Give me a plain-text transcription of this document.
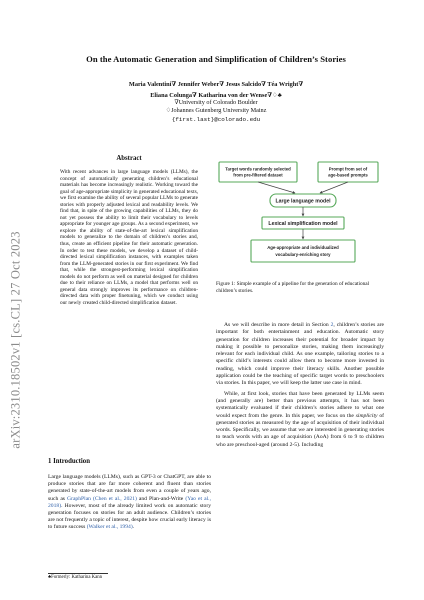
arXiv:2310.18502v1 [cs.CL] 27 Oct 2023
On the Automatic Generation and Simplification of Children’s Stories
Maria Valentini∇ Jennifer Weber∇ Jesus Salcido∇ Téa Wright∇
Eliana Colunga∇ Katharina von der Wense∇♢♣
∇University of Colorado Boulder
♢Johannes Gutenberg University Mainz
{first.last}@colorado.edu
Abstract
With recent advances in large language models (LLMs), the concept of automatically generating children’s educational materials has become increasingly realistic. Working toward the goal of age-appropriate simplicity in generated educational texts, we first examine the ability of several popular LLMs to generate stories with properly adjusted lexical and readability levels. We find that, in spite of the growing capabilities of LLMs, they do not yet possess the ability to limit their vocabulary to levels appropriate for younger age groups. As a second experiment, we explore the ability of state-of-the-art lexical simplification models to generalize to the domain of children’s stories and, thus, create an efficient pipeline for their automatic generation. In order to test these models, we develop a dataset of child-directed lexical simplification instances, with examples taken from the LLM-generated stories in our first experiment. We find that, while the strongest-performing lexical simplification models do not perform as well on material designed for children due to their reliance on LLMs, a model that performs well on general data strongly improves its performance on children-directed data with proper finetuning, which we conduct using our newly created child-directed simplification dataset.
1 Introduction

Large language models (LLMs), such as GPT-3 or ChatGPT, are able to produce stories that are far more coherent and fluent than stories generated by state-of-the-art models from even a couple of years ago, such as GraphPlan (Chen et al., 2021) and Plan-and-Write (Yao et al., 2018). However, most of the already limited work on automatic story generation focuses on stories for an adult audience. Children’s stories are not frequently a topic of interest, despite how crucial early literacy is to future success (Walker et al., 1994).

♣Formerly: Katharina Kann
Target words randomly selected
from pre-filtered dataset
Prompt from set of
age-based prompts
Large language model
Lexical simplification model
Age-appropriate and individualized
vocabulary-enriching story
Figure 1: Simple example of a pipeline for the generation of educational children’s stories.

As we will describe in more detail in Section 2, children’s stories are important for both entertainment and education. Automatic story generation for children increases their potential for broader impact by making it possible to personalize stories, making them increasingly relevant for each individual child. As one example, tailoring stories to a specific child’s interests could allow them to become more invested in reading, which could improve their literacy skills. Another possible application could be the teaching of specific target words to preschoolers via stories. In this paper, we will keep the latter use case in mind.

While, at first look, stories that have been generated by LLMs seem (and generally are) better than previous attempts, it has not been systematically evaluated if their children’s stories adhere to what one would expect from the genre. In this paper, we focus on the simplicity of generated stories as measured by the age of acquisition of their individual words. Specifically, we assume that we are interested in generating stories to teach words with an age of acquisition (AoA) from 6 to 9 to children who are preschool-aged (around 2-5). Including
